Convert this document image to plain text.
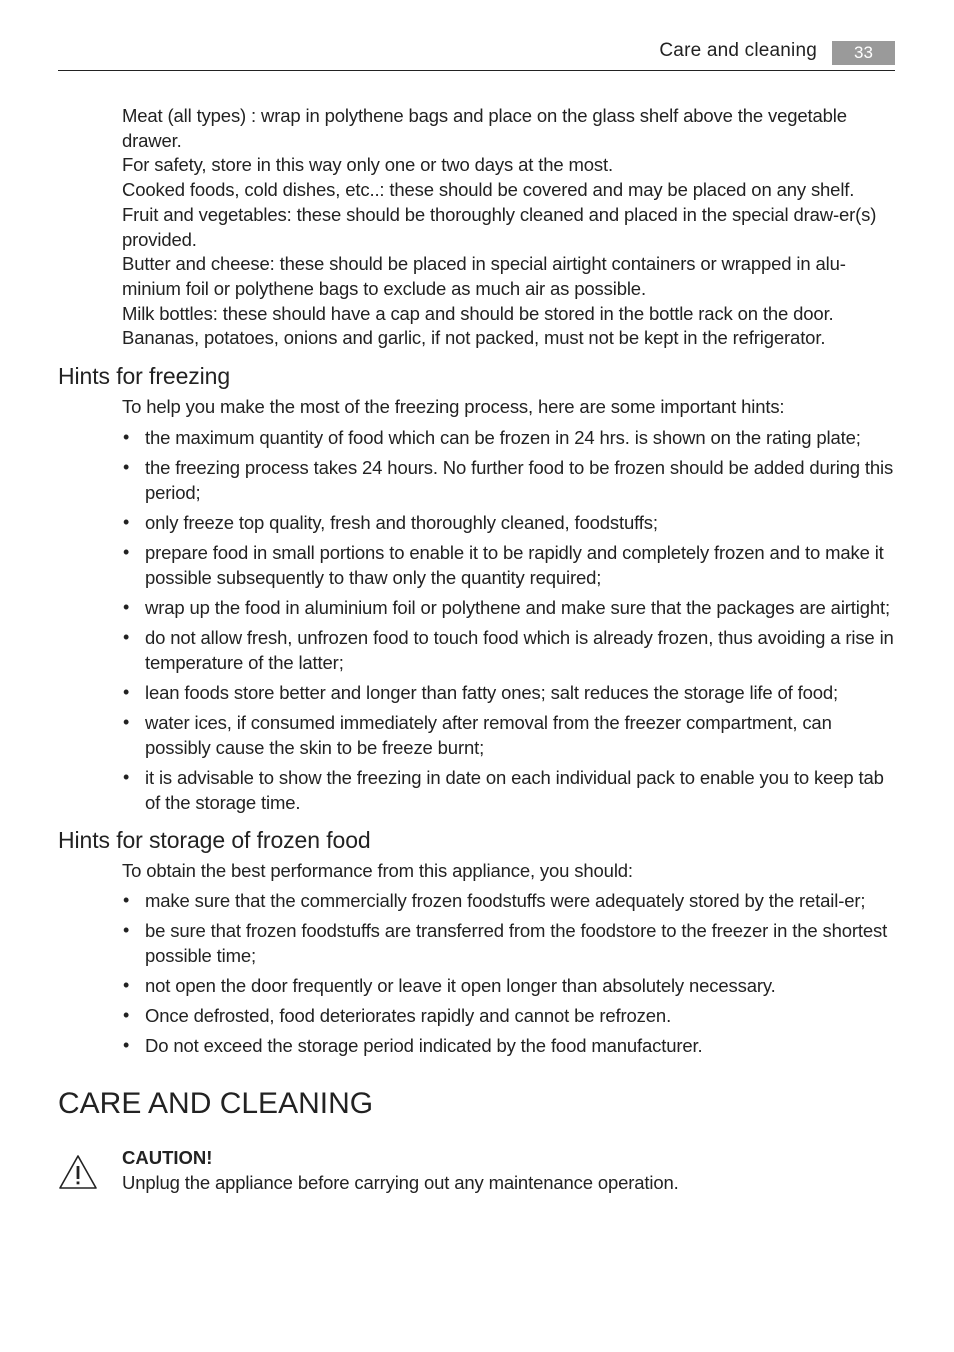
Care and cleaning	33
Meat (all types) : wrap in polythene bags and place on the glass shelf above the vegetable drawer.
For safety, store in this way only one or two days at the most.
Cooked foods, cold dishes, etc..: these should be covered and may be placed on any shelf.
Fruit and vegetables: these should be thoroughly cleaned and placed in the special draw-er(s) provided.
Butter and cheese: these should be placed in special airtight containers or wrapped in alu-minium foil or polythene bags to exclude as much air as possible.
Milk bottles: these should have a cap and should be stored in the bottle rack on the door.
Bananas, potatoes, onions and garlic, if not packed, must not be kept in the refrigerator.
Hints for freezing
To help you make the most of the freezing process, here are some important hints:
• the maximum quantity of food which can be frozen in 24 hrs. is shown on the rating plate;
• the freezing process takes 24 hours. No further food to be frozen should be added during this period;
• only freeze top quality, fresh and thoroughly cleaned, foodstuffs;
• prepare food in small portions to enable it to be rapidly and completely frozen and to make it possible subsequently to thaw only the quantity required;
• wrap up the food in aluminium foil or polythene and make sure that the packages are airtight;
• do not allow fresh, unfrozen food to touch food which is already frozen, thus avoiding a rise in temperature of the latter;
• lean foods store better and longer than fatty ones; salt reduces the storage life of food;
• water ices, if consumed immediately after removal from the freezer compartment, can possibly cause the skin to be freeze burnt;
• it is advisable to show the freezing in date on each individual pack to enable you to keep tab of the storage time.
Hints for storage of frozen food
To obtain the best performance from this appliance, you should:
• make sure that the commercially frozen foodstuffs were adequately stored by the retail-er;
• be sure that frozen foodstuffs are transferred from the foodstore to the freezer in the shortest possible time;
• not open the door frequently or leave it open longer than absolutely necessary.
• Once defrosted, food deteriorates rapidly and cannot be refrozen.
• Do not exceed the storage period indicated by the food manufacturer.
CARE AND CLEANING
CAUTION!
Unplug the appliance before carrying out any maintenance operation.
